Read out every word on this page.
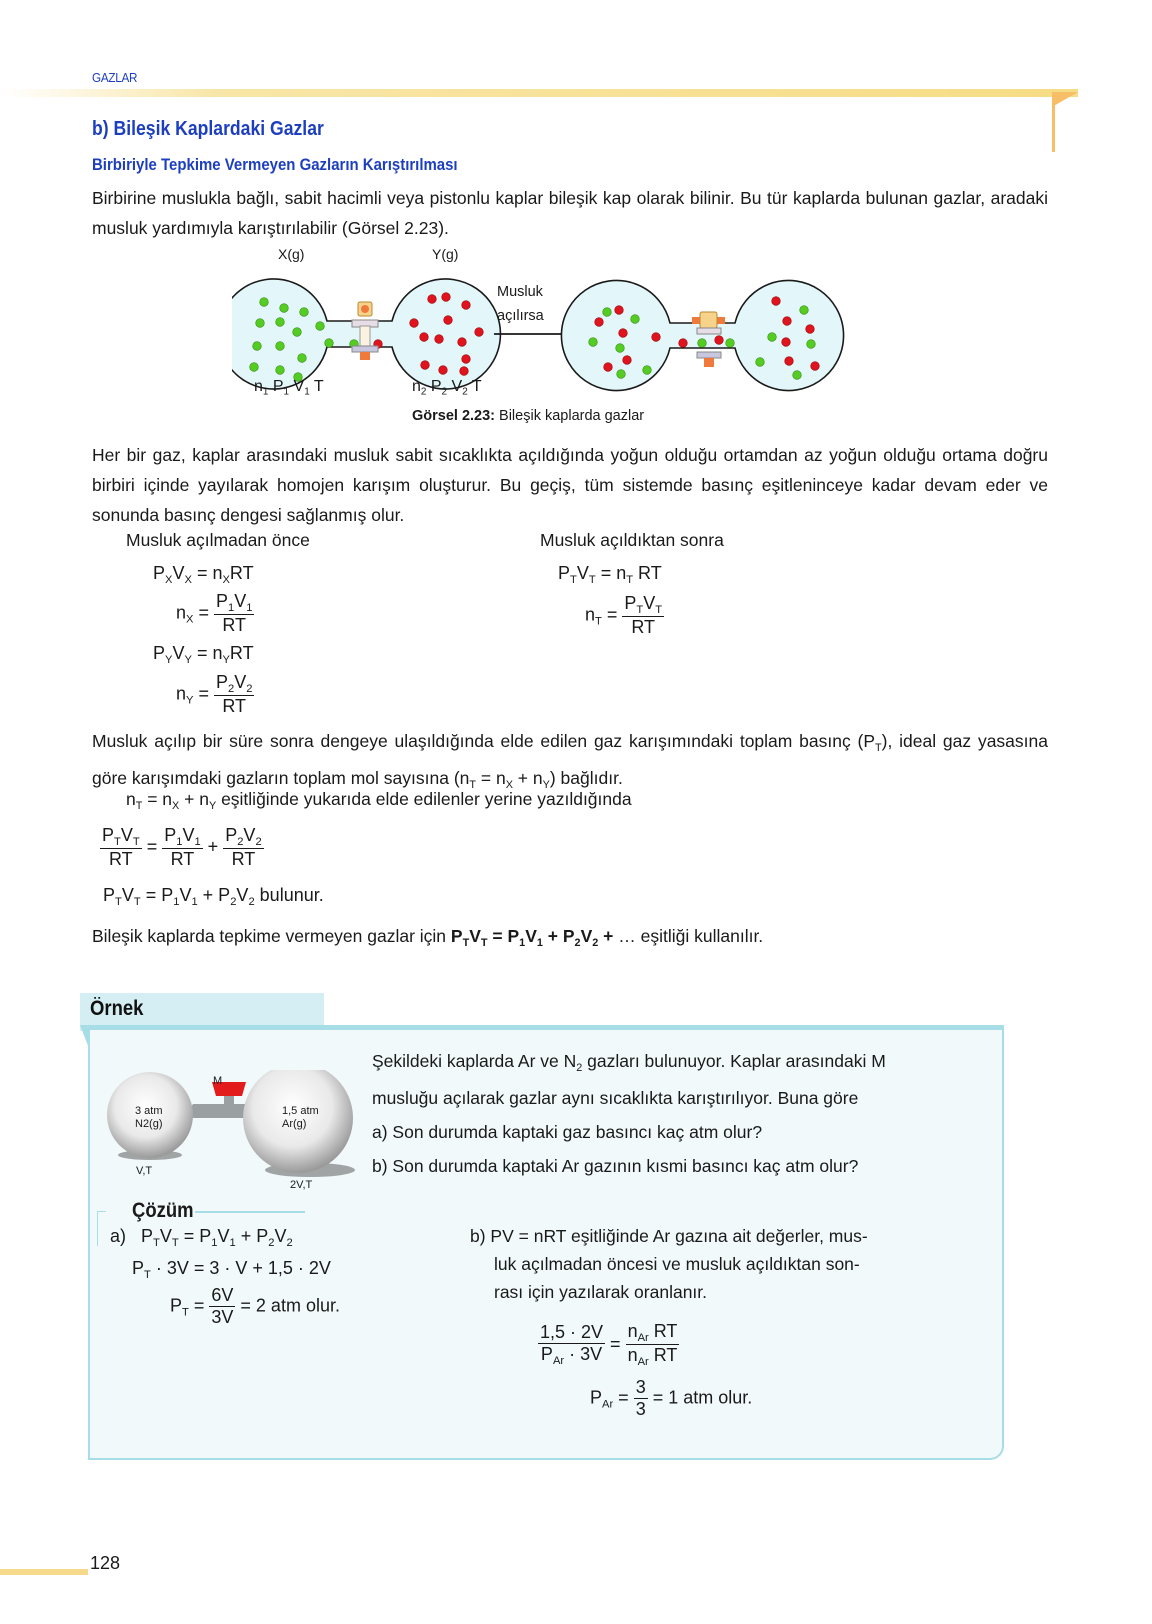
GAZLAR
b) Bileşik Kaplardaki Gazlar
Birbiriyle Tepkime Vermeyen Gazların Karıştırılması
Birbirine muslukla bağlı, sabit hacimli veya pistonlu kaplar bileşik kap olarak bilinir. Bu tür kaplarda bulunan gazlar, aradaki musluk yardımıyla karıştırılabilir (Görsel 2.23).
X(g)	Y(g)
Musluk
açılırsa
$n_1$ $P_1$ $V_1$ T	$n_2$ $P_2$ $V_2$ T
Görsel 2.23: Bileşik kaplarda gazlar
Her bir gaz, kaplar arasındaki musluk sabit sıcaklıkta açıldığında yoğun olduğu ortamdan az yoğun olduğu ortama doğru birbiri içinde yayılarak homojen karışım oluşturur. Bu geçiş, tüm sistemde basınç eşitleninceye kadar devam eder ve sonunda basınç dengesi sağlanmış olur.
Musluk açılmadan önce	Musluk açıldıktan sonra
$P_XV_X = n_XRT$
$n_X = \frac{P_1V_1}{RT}$
$P_YV_Y = n_YRT$
$n_Y = \frac{P_2V_2}{RT}$
$P_TV_T = n_T$ RT
$n_T = \frac{P_TV_T}{RT}$
Musluk açılıp bir süre sonra dengeye ulaşıldığında elde edilen gaz karışımındaki toplam basınç $(P_T)$, ideal gaz yasasına göre karışımdaki gazların toplam mol sayısına $(n_T = n_X + n_Y)$ bağlıdır.
$n_T = n_X + n_Y$ eşitliğinde yukarıda elde edilenler yerine yazıldığında
$\frac{P_TV_T}{RT} = \frac{P_1V_1}{RT} + \frac{P_2V_2}{RT}$
$P_TV_T = P_1V_1 + P_2V_2$ bulunur.
Bileşik kaplarda tepkime vermeyen gazlar için $P_TV_T = P_1V_1 + P_2V_2$ + … eşitliği kullanılır.
Örnek
M
3 atm
N2(g)
V,T
1,5 atm
Ar(g)
2V,T
Şekildeki kaplarda Ar ve $N_2$ gazları bulunuyor. Kaplar arasındaki M
musluğu açılarak gazlar aynı sıcaklıkta karıştırılıyor. Buna göre
a) Son durumda kaptaki gaz basıncı kaç atm olur?
b) Son durumda kaptaki Ar gazının kısmi basıncı kaç atm olur?
Çözüm
a)   $P_TV_T = P_1V_1 + P_2V_2$
$P_T \cdot 3V = 3 \cdot V + 1,5 \cdot 2V$
$P_T = \frac{6V}{3V} = 2$ atm olur.
b) PV = nRT eşitliğinde Ar gazına ait değerler, mus-
luk açılmadan öncesi ve musluk açıldıktan son-
rası için yazılarak oranlanır.
$\frac{1,5 \cdot 2V}{P_{Ar} \cdot 3V} = \frac{n_{Ar} RT}{n_{Ar} RT}$
$P_{Ar} = \frac{3}{3} = 1$ atm olur.
128
